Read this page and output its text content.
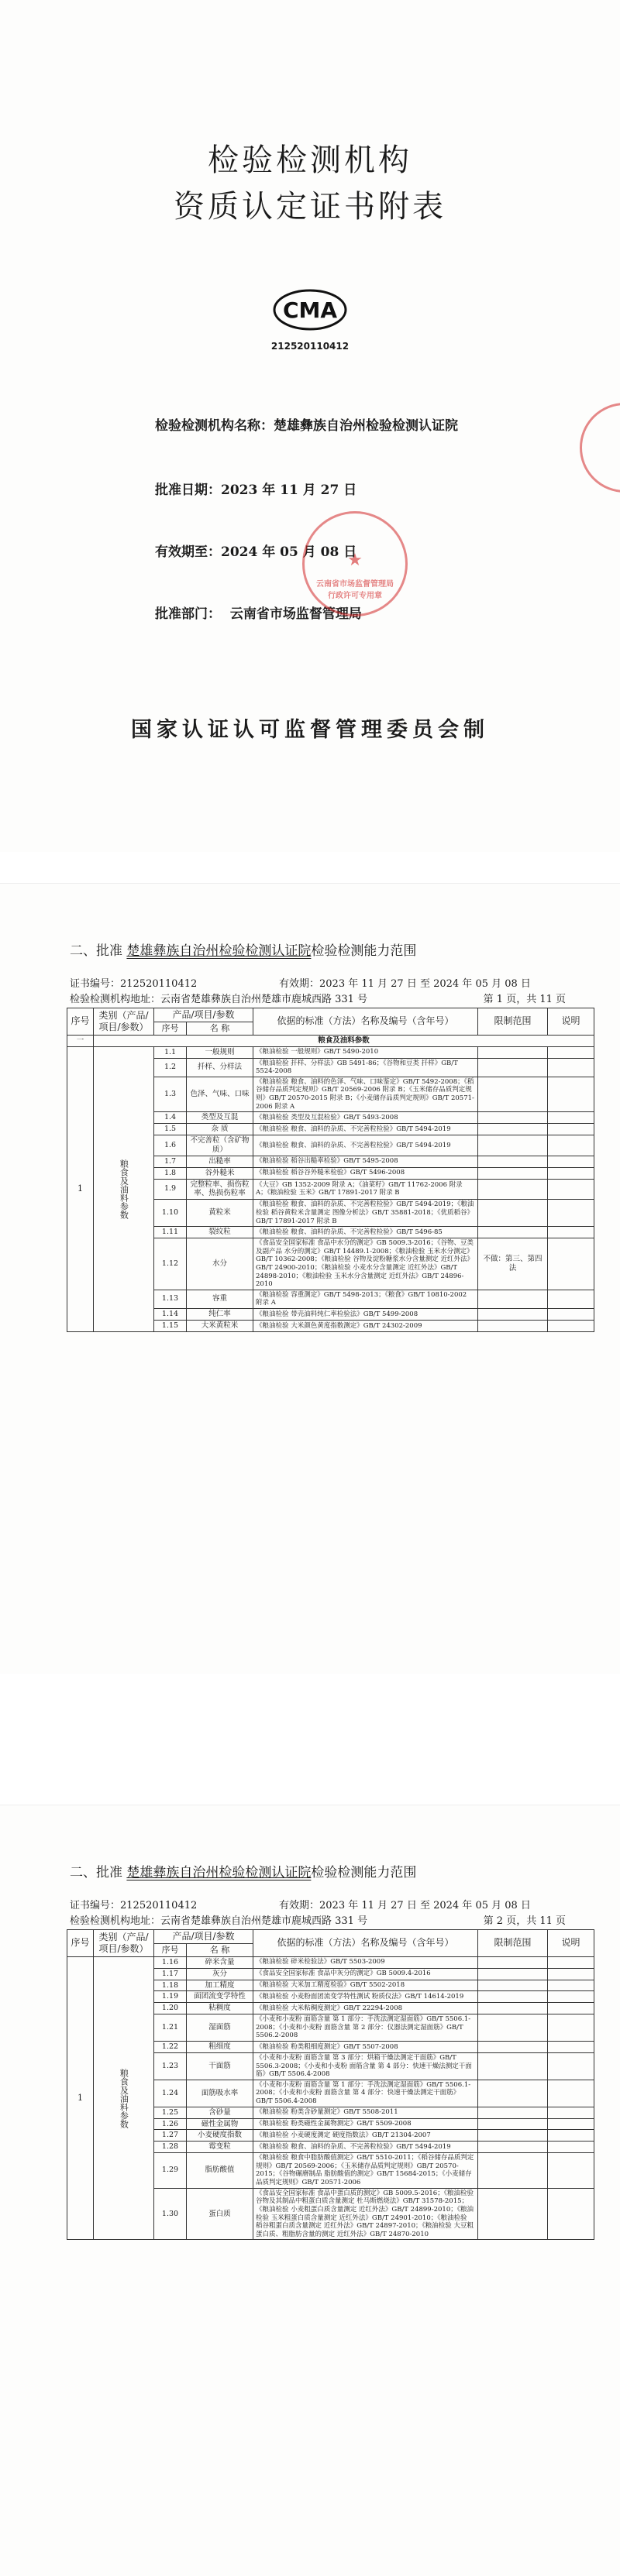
检验检测机构
资质认定证书附表
CMA
212520110412
检验检测机构名称：楚雄彝族自治州检验检测认证院
批准日期：2023 年 11 月 27 日
有效期至：2024 年 05 月 08 日
批准部门： 云南省市场监督管理局
★
云南省市场监督管理局 行政许可专用章
国家认证认可监督管理委员会制
二、批准 楚雄彝族自治州检验检测认证院检验检测能力范围
证书编号：212520110412	有效期：2023 年 11 月 27 日 至 2024 年 05 月 08 日
检验检测机构地址：云南省楚雄彝族自治州楚雄市鹿城西路 331 号	第 1 页，共 11 页
序号	类别（产品/项目/参数）	产品/项目/参数		依据的标准（方法）名称及编号（含年号）	限制范围	说明
		序号	名 称			
一	粮食及油料参数					
1	粮食及油料参数	1.1	一般规则	《粮油检验 一般规则》GB/T 5490-2010		
		1.2	扦样、分样法	《粮油检验 扦样、分样法》GB 5491-86；《谷物和豆类 扦样》GB/T 5524-2008		
		1.3	色泽、气味、口味	《粮油检验 粮食、油料的色泽、气味、口味鉴定》GB/T 5492-2008；《稻谷储存品质判定规则》GB/T 20569-2006 附录 B；《玉米储存品质判定规则》GB/T 20570-2015 附录 B；《小麦储存品质判定规则》GB/T 20571-2006 附录 A		
		1.4	类型及互混	《粮油检验 类型及互混检验》GB/T 5493-2008		
		1.5	杂 质	《粮油检验 粮食、油料的杂质、不完善粒检验》GB/T 5494-2019		
		1.6	不完善粒（含矿物质）	《粮油检验 粮食、油料的杂质、不完善粒检验》GB/T 5494-2019		
		1.7	出糙率	《粮油检验 稻谷出糙率检验》GB/T 5495-2008		
		1.8	谷外糙米	《粮油检验 稻谷谷外糙米检验》GB/T 5496-2008		
		1.9	完整粒率、损伤粒率、热损伤粒率	《大豆》GB 1352-2009 附录 A；《油菜籽》GB/T 11762-2006 附录 A；《粮油检验 玉米》GB/T 17891-2017 附录 B		
		1.10	黄粒米	《粮油检验 粮食、油料的杂质、不完善粒检验》GB/T 5494-2019；《粮油检验 稻谷黄粒米含量测定 图像分析法》GB/T 35881-2018；《优质稻谷》GB/T 17891-2017 附录 B		
		1.11	裂纹粒	《粮油检验 粮食、油料的杂质、不完善粒检验》GB/T 5496-85		
		1.12	水分	《食品安全国家标准 食品中水分的测定》GB 5009.3-2016；《谷物、豆类及副产品 水分的测定》GB/T 14489.1-2008；《粮油检验 玉米水分测定》GB/T 10362-2008；《粮油检验 谷物及淀粉糖浆水分含量测定 近红外法》GB/T 24900-2010；《粮油检验 小麦水分含量测定 近红外法》GB/T 24898-2010；《粮油检验 玉米水分含量测定 近红外法》GB/T 24896-2010	不做：第三、第四法	
		1.13	容重	《粮油检验 容重测定》GB/T 5498-2013；《粮食》GB/T 10810-2002 附录 A		
		1.14	纯仁率	《粮油检验 带壳油料纯仁率检验法》GB/T 5499-2008		
		1.15	大米黄粒米	《粮油检验 大米颜色黄度指数测定》GB/T 24302-2009		
二、批准 楚雄彝族自治州检验检测认证院检验检测能力范围
证书编号：212520110412	有效期：2023 年 11 月 27 日 至 2024 年 05 月 08 日
检验检测机构地址：云南省楚雄彝族自治州楚雄市鹿城西路 331 号	第 2 页，共 11 页
序号	类别（产品/项目/参数）	产品/项目/参数		依据的标准（方法）名称及编号（含年号）	限制范围	说明
		序号	名 称			
1	粮食及油料参数	1.16	碎米含量	《粮油检验 碎米检验法》GB/T 5503-2009		
		1.17	灰分	《食品安全国家标准 食品中灰分的测定》GB 5009.4-2016		
		1.18	加工精度	《粮油检验 大米加工精度检验》GB/T 5502-2018		
		1.19	面团流变学特性	《粮油检验 小麦粉面团流变学特性测试 粉质仪法》GB/T 14614-2019		
		1.20	粘稠度	《粮油检验 大米粘稠度测定》GB/T 22294-2008		
		1.21	湿面筋	《小麦和小麦粉 面筋含量 第 1 部分：手洗法测定湿面筋》GB/T 5506.1-2008；《小麦和小麦粉 面筋含量 第 2 部分：仪器法测定湿面筋》GB/T 5506.2-2008		
		1.22	粗细度	《粮油检验 粉类粗细度测定》GB/T 5507-2008		
		1.23	干面筋	《小麦和小麦粉 面筋含量 第 3 部分：烘箱干燥法测定干面筋》GB/T 5506.3-2008；《小麦和小麦粉 面筋含量 第 4 部分：快速干燥法测定干面筋》GB/T 5506.4-2008		
		1.24	面筋吸水率	《小麦和小麦粉 面筋含量 第 1 部分：手洗法测定湿面筋》GB/T 5506.1-2008；《小麦和小麦粉 面筋含量 第 4 部分：快速干燥法测定干面筋》GB/T 5506.4-2008		
		1.25	含砂量	《粮油检验 粉类含砂量测定》GB/T 5508-2011		
		1.26	磁性金属物	《粮油检验 粉类磁性金属物测定》GB/T 5509-2008		
		1.27	小麦硬度指数	《粮油检验 小麦硬度测定 硬度指数法》GB/T 21304-2007		
		1.28	霉变粒	《粮油检验 粮食、油料的杂质、不完善粒检验》GB/T 5494-2019		
		1.29	脂肪酸值	《粮油检验 粮食中脂肪酸值测定》GB/T 5510-2011；《稻谷储存品质判定规则》GB/T 20569-2006；《玉米储存品质判定规则》GB/T 20570-2015；《谷物碾磨制品 脂肪酸值的测定》GB/T 15684-2015；《小麦储存品质判定规则》GB/T 20571-2006		
		1.30	蛋白质	《食品安全国家标准 食品中蛋白质的测定》GB 5009.5-2016；《粮油检验 谷物及其制品中粗蛋白质含量测定 杜马斯燃烧法》GB/T 31578-2015；《粮油检验 小麦粗蛋白质含量测定 近红外法》GB/T 24899-2010；《粮油检验 玉米粗蛋白质含量测定 近红外法》GB/T 24901-2010；《粮油检验 稻谷粗蛋白质含量测定 近红外法》GB/T 24897-2010；《粮油检验 大豆粗蛋白质、粗脂肪含量的测定 近红外法》GB/T 24870-2010		
